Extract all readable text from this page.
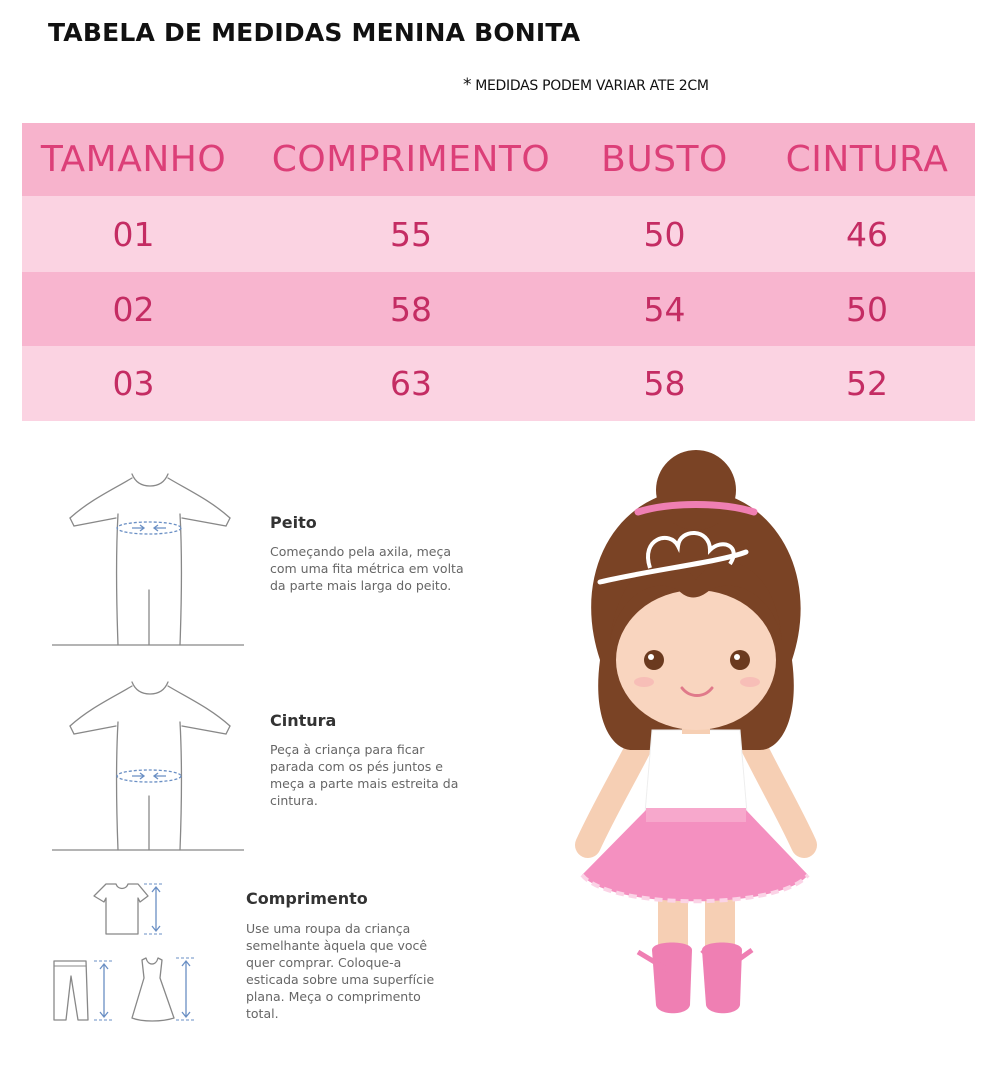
TABELA DE MEDIDAS MENINA BONITA
* MEDIDAS PODEM VARIAR ATE 2CM
TAMANHO	COMPRIMENTO	BUSTO	CINTURA
01	55	50	46
02	58	54	50
03	63	58	52
Peito
Começando pela axila, meça
com uma fita métrica em volta
da parte mais larga do peito.
Cintura
Peça à criança para ficar
parada com os pés juntos e
meça a parte mais estreita da
cintura.
Comprimento
Use uma roupa da criança
semelhante àquela que você
quer comprar. Coloque-a
esticada sobre uma superfície
plana. Meça o comprimento
total.
